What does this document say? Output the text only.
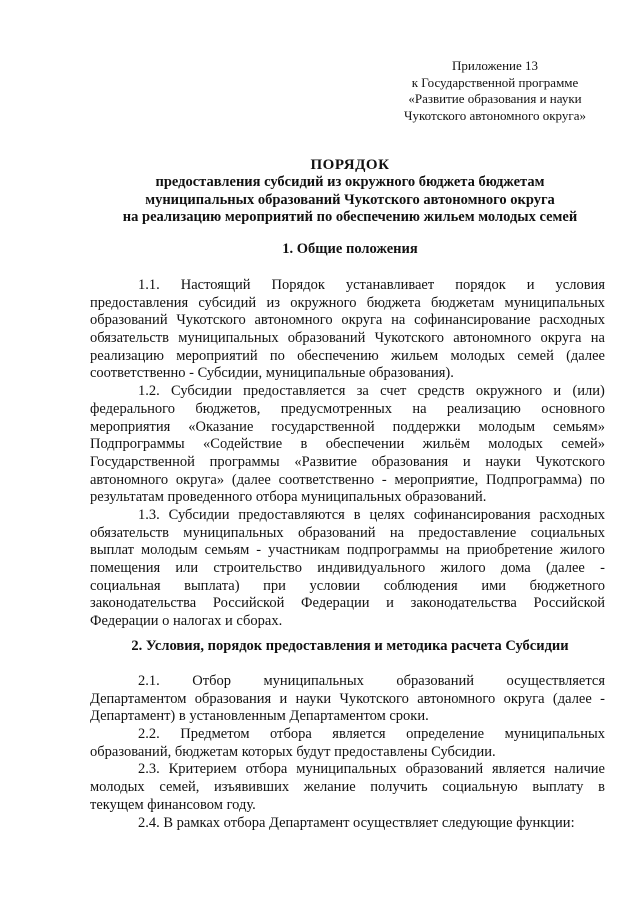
Приложение 13
к Государственной программе
«Развитие образования и науки
Чукотского автономного округа»
ПОРЯДОК
предоставления субсидий из окружного бюджета бюджетам
муниципальных образований Чукотского автономного округа
на реализацию мероприятий по обеспечению жильем молодых семей
1. Общие положения
1.1. Настоящий Порядок устанавливает порядок и условия
предоставления субсидий из окружного бюджета бюджетам муниципальных
образований Чукотского автономного округа на софинансирование расходных
обязательств муниципальных образований Чукотского автономного округа на
реализацию мероприятий по обеспечению жильем молодых семей (далее
соответственно - Субсидии, муниципальные образования).
1.2. Субсидии предоставляется за счет средств окружного и (или)
федерального бюджетов, предусмотренных на реализацию основного
мероприятия «Оказание государственной поддержки молодым семьям»
Подпрограммы «Содействие в обеспечении жильём молодых семей»
Государственной программы «Развитие образования и науки Чукотского
автономного округа» (далее соответственно - мероприятие, Подпрограмма) по
результатам проведенного отбора муниципальных образований.
1.3. Субсидии предоставляются в целях софинансирования расходных
обязательств муниципальных образований на предоставление социальных
выплат молодым семьям - участникам подпрограммы на приобретение жилого
помещения или строительство индивидуального жилого дома (далее -
социальная выплата) при условии соблюдения ими бюджетного
законодательства Российской Федерации и законодательства Российской
Федерации о налогах и сборах.
2. Условия, порядок предоставления и методика расчета Субсидии
2.1. Отбор муниципальных образований осуществляется
Департаментом образования и науки Чукотского автономного округа (далее -
Департамент) в установленным Департаментом сроки.
2.2. Предметом отбора является определение муниципальных
образований, бюджетам которых будут предоставлены Субсидии.
2.3. Критерием отбора муниципальных образований является наличие
молодых семей, изъявивших желание получить социальную выплату в
текущем финансовом году.
2.4. В рамках отбора Департамент осуществляет следующие функции:
